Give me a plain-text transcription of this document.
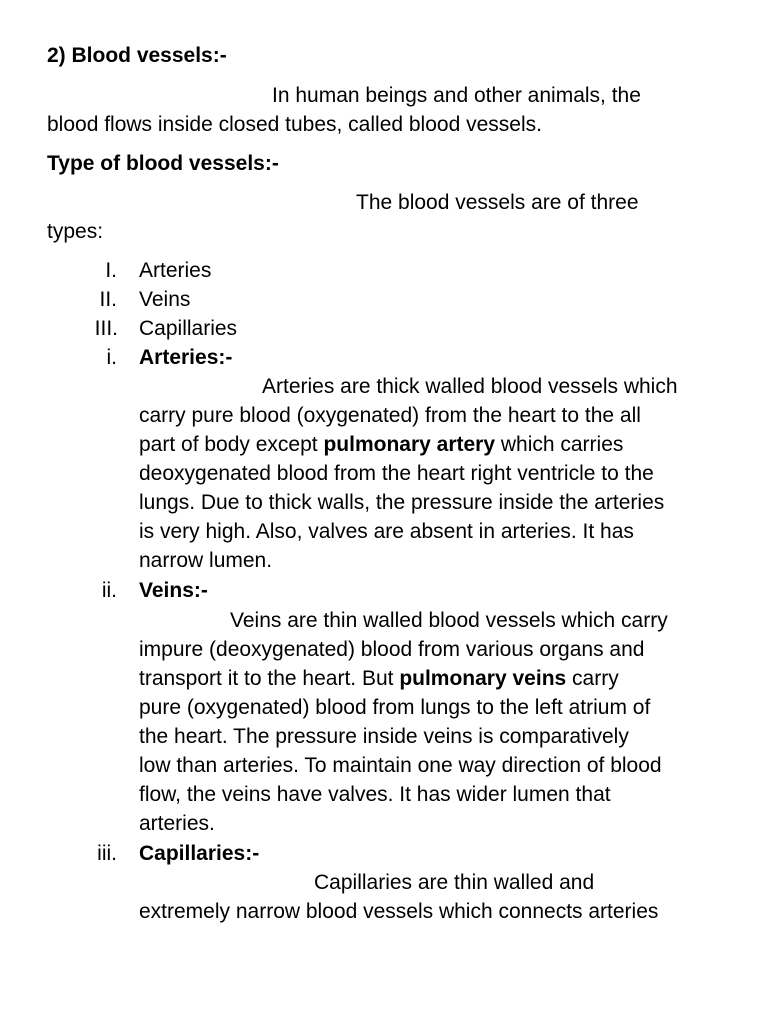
2) Blood vessels:-
In human beings and other animals, the
blood flows inside closed tubes, called blood vessels.
Type of blood vessels:-
The blood vessels are of three
types:
I. Arteries
II. Veins
III. Capillaries
i. Arteries:-
Arteries are thick walled blood vessels which
carry pure blood (oxygenated) from the heart to the all
part of body except pulmonary artery which carries
deoxygenated blood from the heart right ventricle to the
lungs. Due to thick walls, the pressure inside the arteries
is very high. Also, valves are absent in arteries. It has
narrow lumen.
ii. Veins:-
Veins are thin walled blood vessels which carry
impure (deoxygenated) blood from various organs and
transport it to the heart. But pulmonary veins carry
pure (oxygenated) blood from lungs to the left atrium of
the heart. The pressure inside veins is comparatively
low than arteries. To maintain one way direction of blood
flow, the veins have valves. It has wider lumen that
arteries.
iii. Capillaries:-
Capillaries are thin walled and
extremely narrow blood vessels which connects arteries
